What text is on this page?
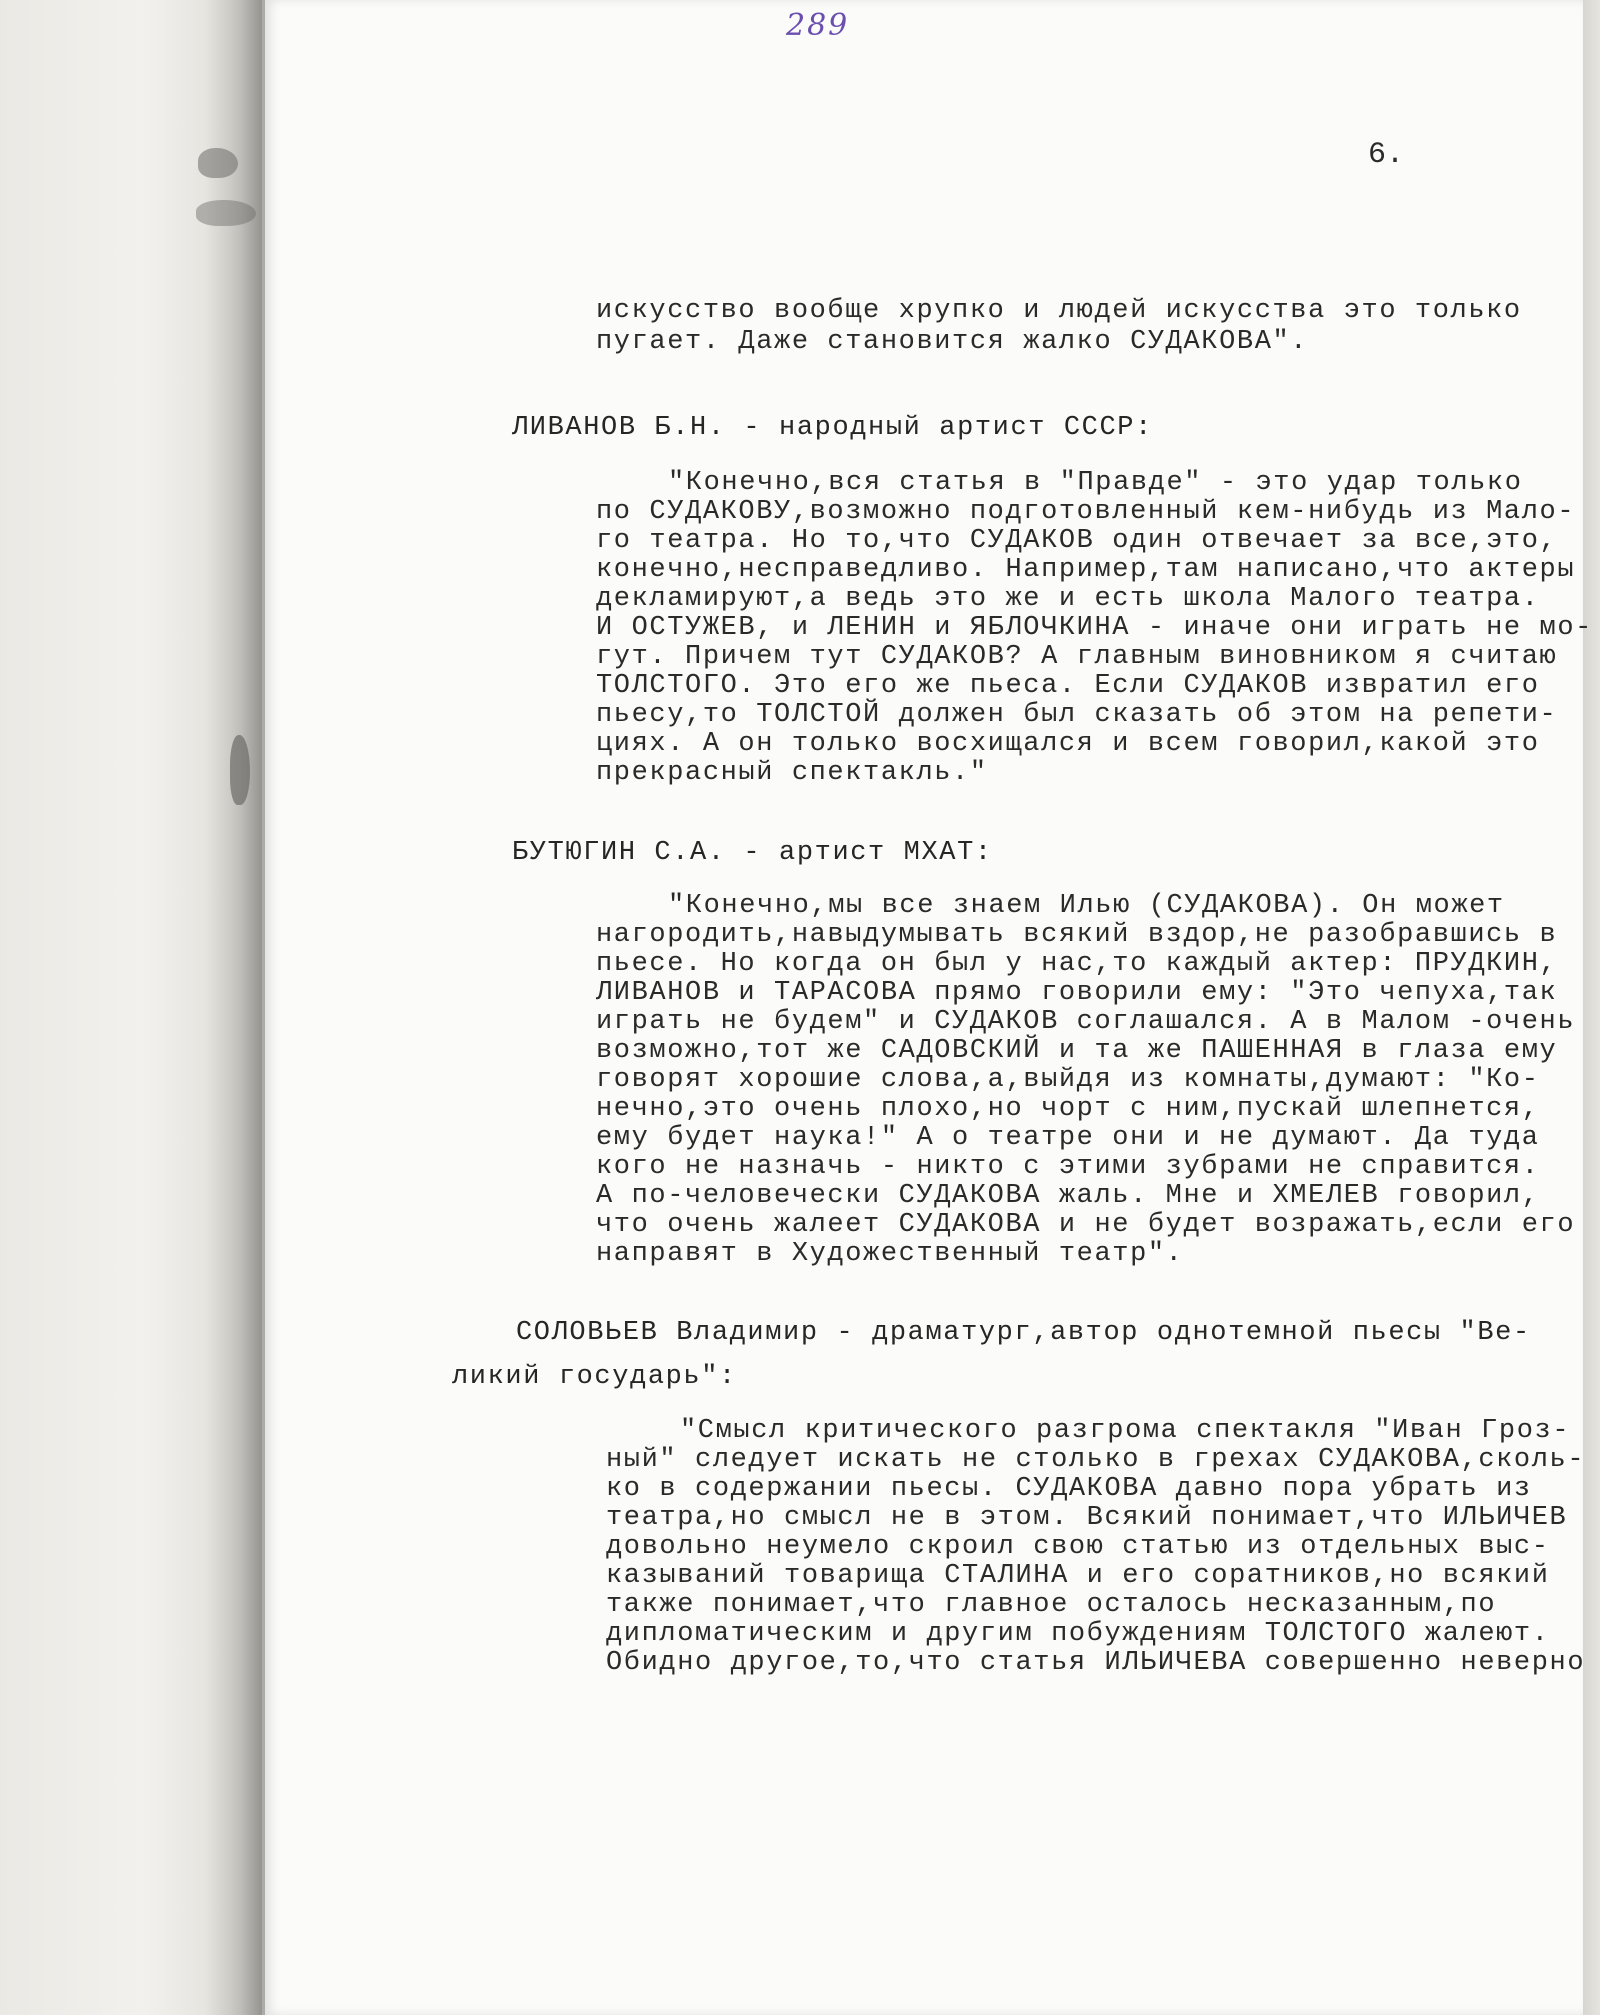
289
6.
искусство вообще хрупко и людей искусства это только
пугает. Даже становится жалко СУДАКОВА".
ЛИВАНОВ Б.Н. - народный артист СССР:
"Конечно,вся статья в "Правде" - это удар только
по СУДАКОВУ,возможно подготовленный кем-нибудь из Мало-
го театра. Но то,что СУДАКОВ один отвечает за все,это,
конечно,несправедливо. Например,там написано,что актеры
декламируют,а ведь это же и есть школа Малого театра.
И ОСТУЖЕВ, и ЛЕНИН и ЯБЛОЧКИНА - иначе они играть не мо-
гут. Причем тут СУДАКОВ? А главным виновником я считаю
ТОЛСТОГО. Это его же пьеса. Если СУДАКОВ извратил его
пьесу,то ТОЛСТОЙ должен был сказать об этом на репети-
циях. А он только восхищался и всем говорил,какой это
прекрасный спектакль."
БУТЮГИН С.А. - артист МХАТ:
"Конечно,мы все знаем Илью (СУДАКОВА). Он может
нагородить,навыдумывать всякий вздор,не разобравшись в
пьесе. Но когда он был у нас,то каждый актер: ПРУДКИН,
ЛИВАНОВ и ТАРАСОВА прямо говорили ему: "Это чепуха,так
играть не будем" и СУДАКОВ соглашался. А в Малом -очень
возможно,тот же САДОВСКИЙ и та же ПАШЕННАЯ в глаза ему
говорят хорошие слова,а,выйдя из комнаты,думают: "Ко-
нечно,это очень плохо,но чорт с ним,пускай шлепнется,
ему будет наука!" А о театре они и не думают. Да туда
кого не назначь - никто с этими зубрами не справится.
А по-человечески СУДАКОВА жаль. Мне и ХМЕЛЕВ говорил,
что очень жалеет СУДАКОВА и не будет возражать,если его
направят в Художественный театр".
СОЛОВЬЕВ Владимир - драматург,автор однотемной пьесы "Ве-
ликий государь":
"Смысл критического разгрома спектакля "Иван Гроз-
ный" следует искать не столько в грехах СУДАКОВА,сколь-
ко в содержании пьесы. СУДАКОВА давно пора убрать из
театра,но смысл не в этом. Всякий понимает,что ИЛЬИЧЕВ
довольно неумело скроил свою статью из отдельных выс-
казываний товарища СТАЛИНА и его соратников,но всякий
также понимает,что главное осталось несказанным,по
дипломатическим и другим побуждениям ТОЛСТОГО жалеют.
Обидно другое,то,что статья ИЛЬИЧЕВА совершенно неверно
